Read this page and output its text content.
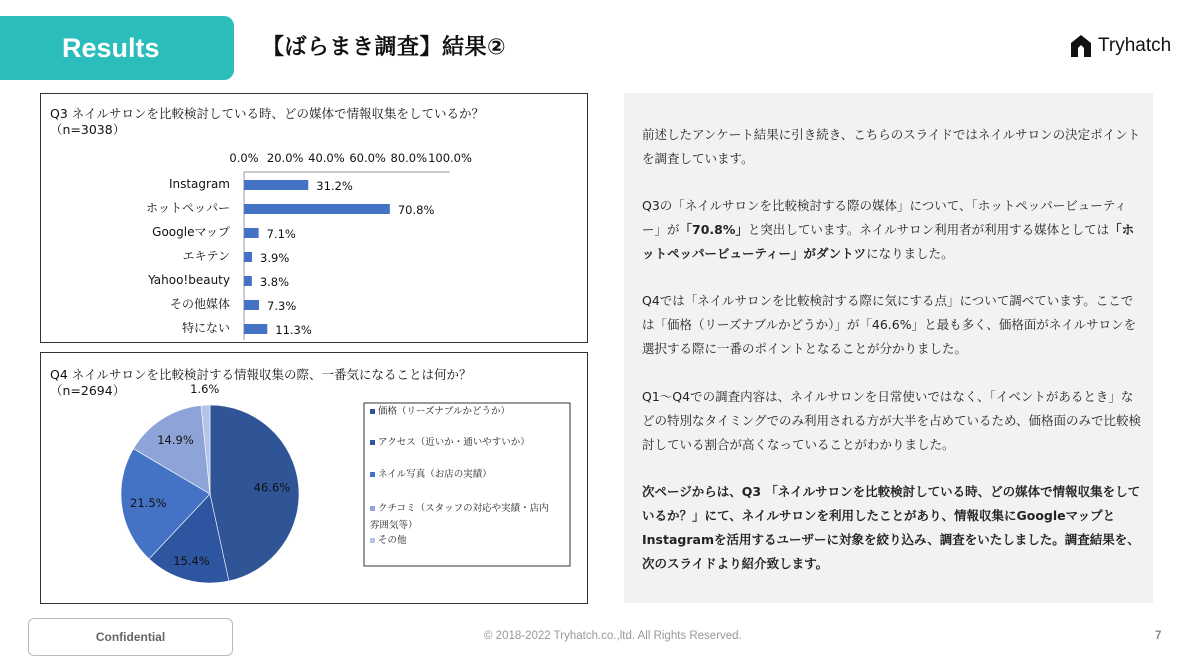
Results	【ばらまき調査】結果②	Tryhatch
Q3 ネイルサロンを比較検討している時、どの媒体で情報収集をしているか？
（n=3038）
0.0% 20.0% 40.0% 60.0% 80.0% 100.0%
Instagram	31.2%
ホットペッパー	70.8%
Googleマップ	7.1%
エキテン	3.9%
Yahoo!beauty	3.8%
その他媒体	7.3%
特にない	11.3%
Q4 ネイルサロンを比較検討する情報収集の際、一番気になることは何か？
（n=2694）
46.6%
15.4%
21.5%
14.9%
1.6%
価格（リーズナブルかどうか）
アクセス（近いか・通いやすいか）
ネイル写真（お店の実績）
クチコミ（スタッフの対応や実績・店内
雰囲気等）
その他

前述したアンケート結果に引き続き、こちらのスライドではネイルサロンの決定ポイントを調査しています。

Q3の「ネイルサロンを比較検討する際の媒体」について、「ホットペッパービューティー」が「70.8%」と突出しています。ネイルサロン利用者が利用する媒体としては「ホットペッパービューティー」がダントツになりました。

Q4では「ネイルサロンを比較検討する際に気にする点」について調べています。ここでは「価格（リーズナブルかどうか）」が「46.6%」と最も多く、価格面がネイルサロンを選択する際に一番のポイントとなることが分かりました。

Q1〜Q4での調査内容は、ネイルサロンを日常使いではなく、「イベントがあるとき」などの特別なタイミングでのみ利用される方が大半を占めているため、価格面のみで比較検討している割合が高くなっていることがわかりました。

次ページからは、Q3 「ネイルサロンを比較検討している時、どの媒体で情報収集をしているか？」にて、ネイルサロンを利用したことがあり、情報収集にGoogleマップとInstagramを活用するユーザーに対象を絞り込み、調査をいたしました。調査結果を、次のスライドより紹介致します。

Confidential	© 2018-2022 Tryhatch.co.,ltd. All Rights Reserved.	7
